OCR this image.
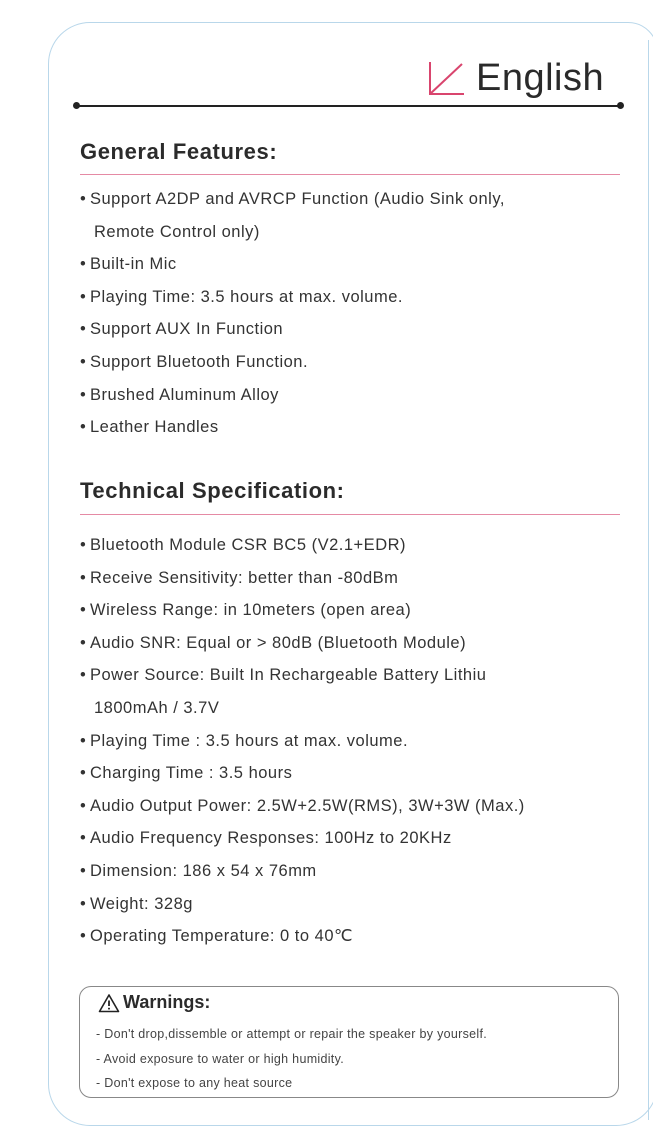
English
General Features:
• Support A2DP and AVRCP Function (Audio Sink only,
Remote Control only)
• Built-in Mic
• Playing Time: 3.5 hours at max. volume.
• Support AUX In Function
• Support Bluetooth Function.
• Brushed Aluminum Alloy
• Leather Handles
Technical Specification:
• Bluetooth Module CSR BC5 (V2.1+EDR)
• Receive Sensitivity: better than -80dBm
• Wireless Range: in 10meters (open area)
• Audio SNR: Equal or > 80dB (Bluetooth Module)
• Power Source: Built In Rechargeable Battery Lithiu
1800mAh / 3.7V
• Playing Time : 3.5 hours at max. volume.
• Charging Time : 3.5 hours
• Audio Output Power: 2.5W+2.5W(RMS), 3W+3W (Max.)
• Audio Frequency Responses: 100Hz to 20KHz
• Dimension: 186 x 54 x 76mm
• Weight: 328g
• Operating Temperature: 0 to 40℃
Warnings:
- Don't drop,dissemble or attempt or repair the speaker by yourself.
- Avoid exposure to water or high humidity.
- Don't expose to any heat source
